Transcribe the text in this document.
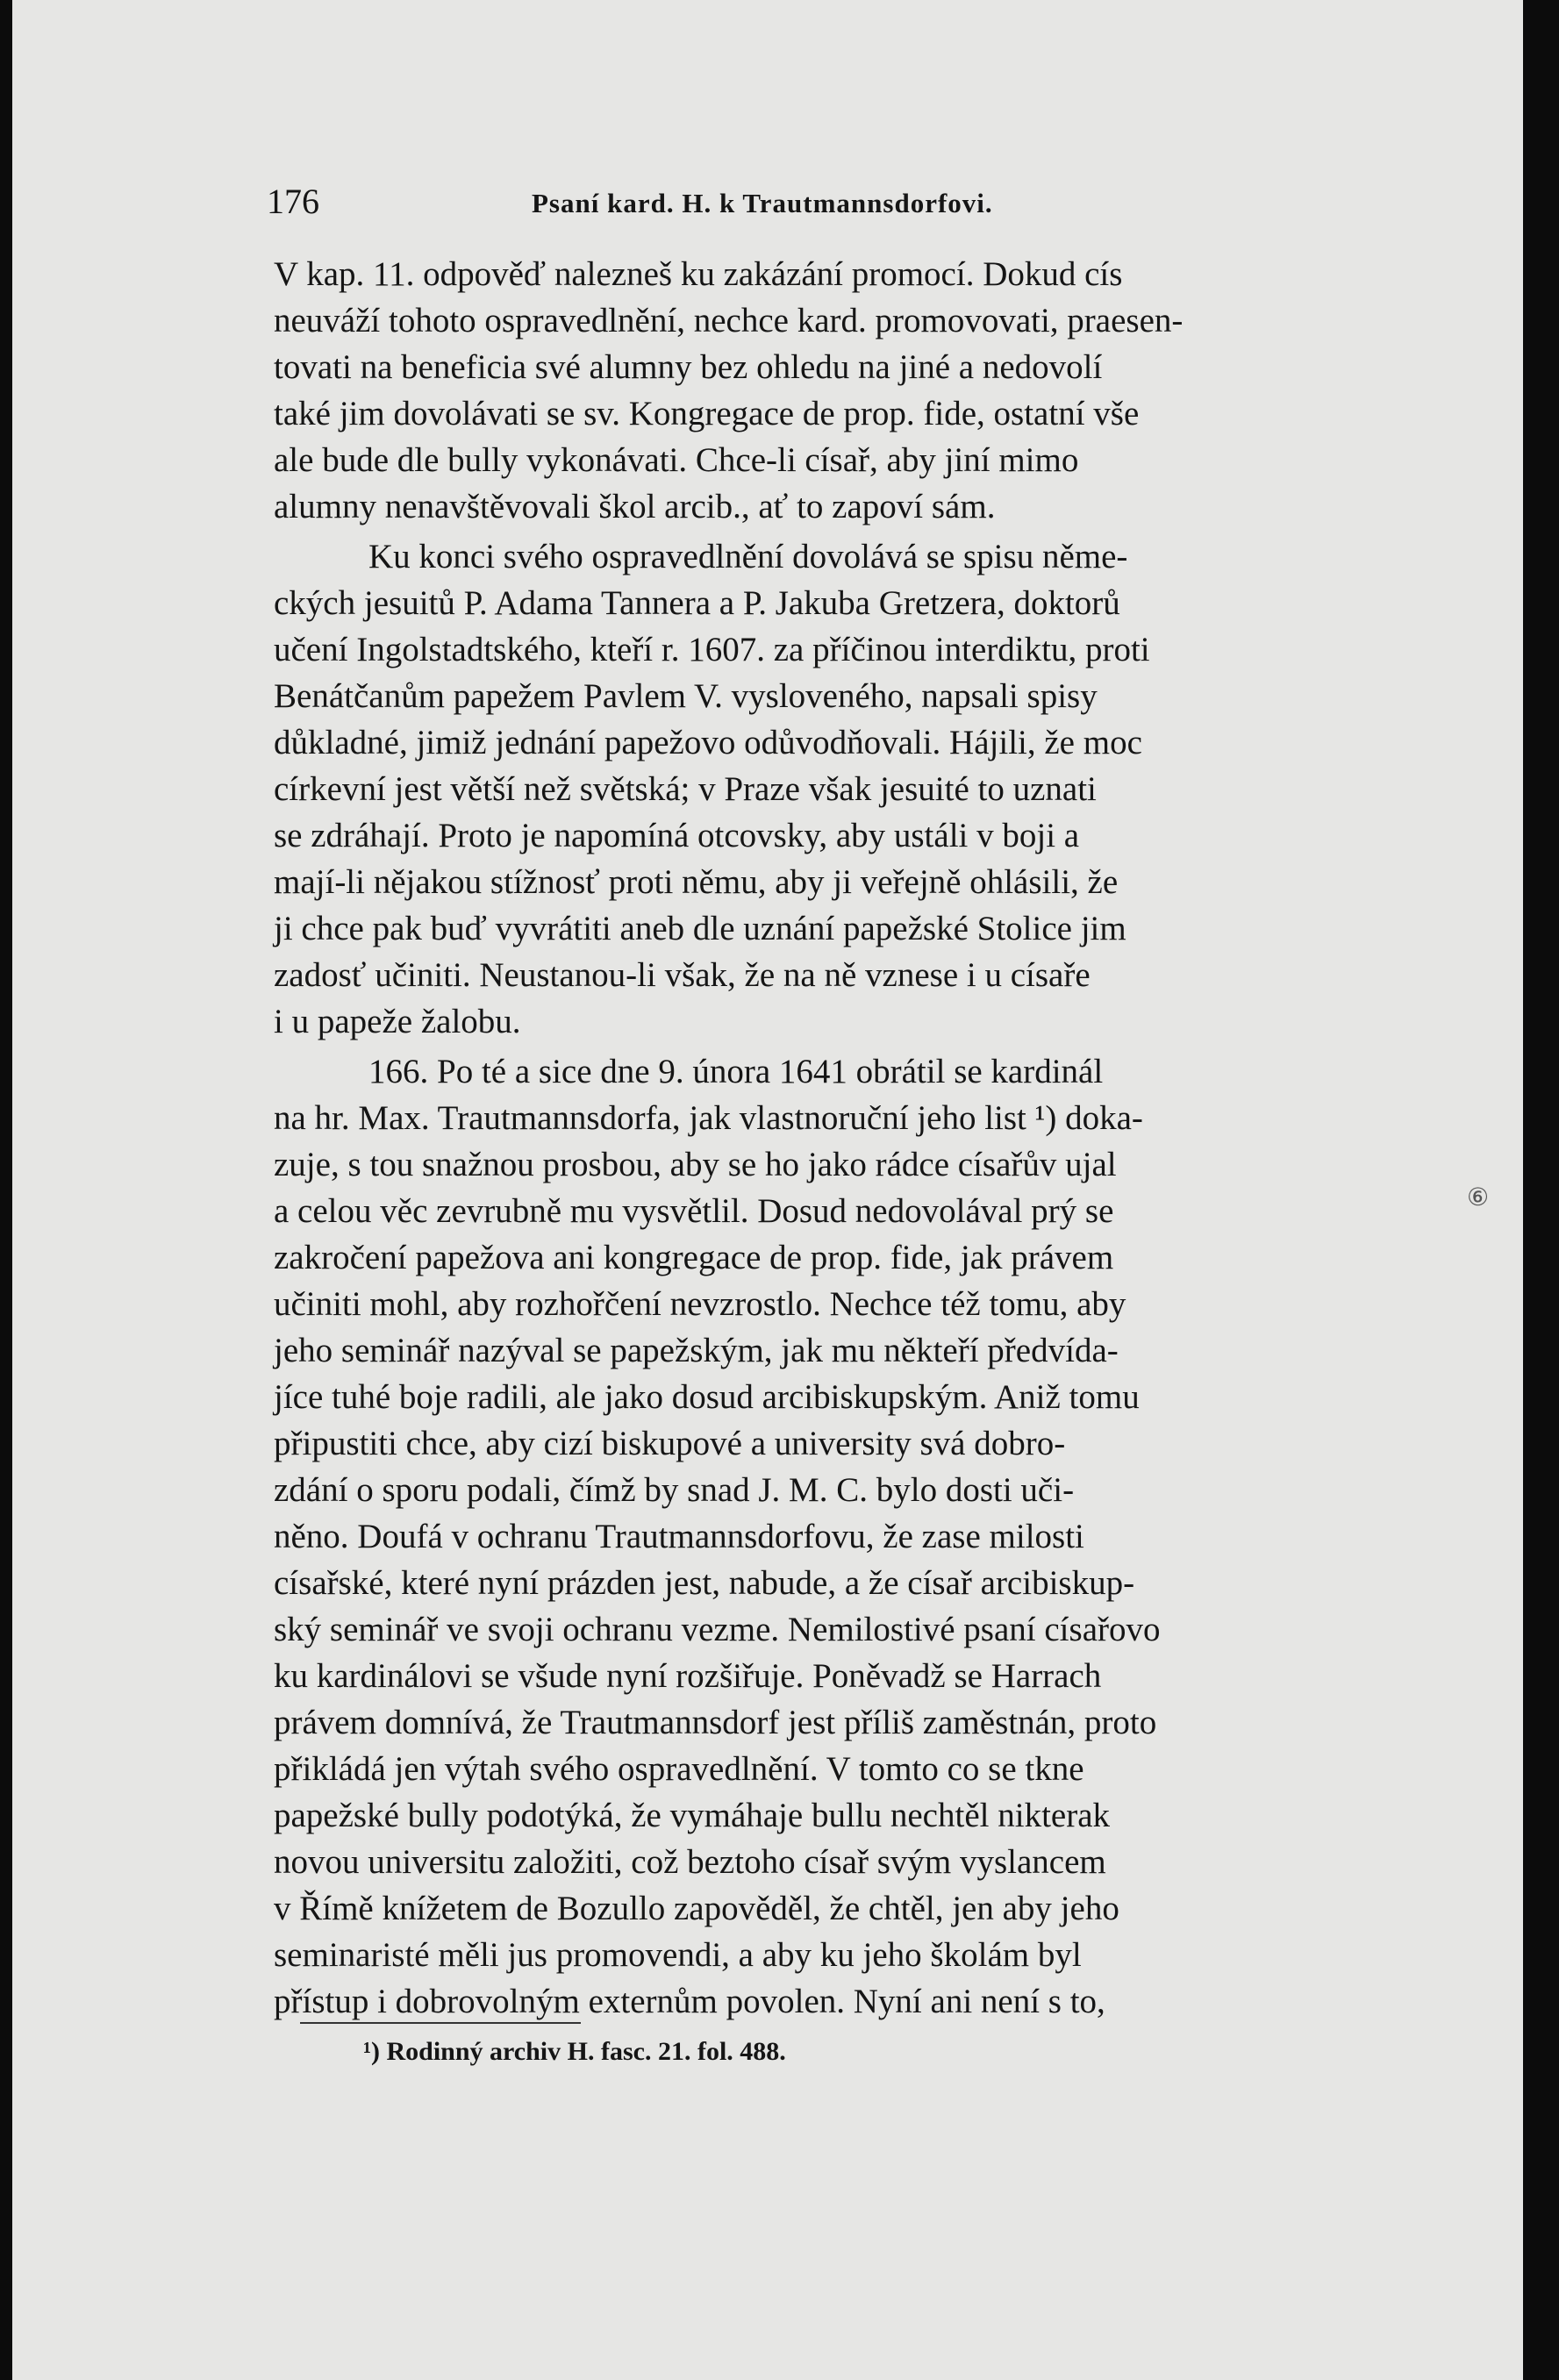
176	Psaní kard. H. k Trautmannsdorfovi.
V kap. 11. odpověď nalezneš ku zakázání promocí. Dokud cís
neuváží tohoto ospravedlnění, nechce kard. promovovati, praesen-
tovati na beneficia své alumny bez ohledu na jiné a nedovolí
také jim dovolávati se sv. Kongregace de prop. fide, ostatní vše
ale bude dle bully vykonávati. Chce-li císař, aby jiní mimo
alumny nenavštěvovali škol arcib., ať to zapoví sám.
Ku konci svého ospravedlnění dovolává se spisu něme-
ckých jesuitů P. Adama Tannera a P. Jakuba Gretzera, doktorů
učení Ingolstadtského, kteří r. 1607. za příčinou interdiktu, proti
Benátčanům papežem Pavlem V. vysloveného, napsali spisy
důkladné, jimiž jednání papežovo odůvodňovali. Hájili, že moc
církevní jest větší než světská; v Praze však jesuité to uznati
se zdráhají. Proto je napomíná otcovsky, aby ustáli v boji a
mají-li nějakou stížnosť proti němu, aby ji veřejně ohlásili, že
ji chce pak buď vyvrátiti aneb dle uznání papežské Stolice jim
zadosť učiniti. Neustanou-li však, že na ně vznese i u císaře
i u papeže žalobu.
166. Po té a sice dne 9. února 1641 obrátil se kardinál
na hr. Max. Trautmannsdorfa, jak vlastnoruční jeho list ¹) doka-
zuje, s tou snažnou prosbou, aby se ho jako rádce císařův ujal
a celou věc zevrubně mu vysvětlil. Dosud nedovolával prý se
zakročení papežova ani kongregace de prop. fide, jak právem
učiniti mohl, aby rozhořčení nevzrostlo. Nechce též tomu, aby
jeho seminář nazýval se papežským, jak mu někteří předvída-
jíce tuhé boje radili, ale jako dosud arcibiskupským. Aniž tomu
připustiti chce, aby cizí biskupové a university svá dobro-
zdání o sporu podali, čímž by snad J. M. C. bylo dosti uči-
něno. Doufá v ochranu Trautmannsdorfovu, že zase milosti
císařské, které nyní prázden jest, nabude, a že císař arcibiskup-
ský seminář ve svoji ochranu vezme. Nemilostivé psaní císařovo
ku kardinálovi se všude nyní rozšiřuje. Poněvadž se Harrach
právem domnívá, že Trautmannsdorf jest příliš zaměstnán, proto
přikládá jen výtah svého ospravedlnění. V tomto co se tkne
papežské bully podotýká, že vymáhaje bullu nechtěl nikterak
novou universitu založiti, což beztoho císař svým vyslancem
v Římě knížetem de Bozullo zapověděl, že chtěl, jen aby jeho
seminaristé měli jus promovendi, a aby ku jeho školám byl
přístup i dobrovolným externům povolen. Nyní ani není s to,
⑥
¹) Rodinný archiv H. fasc. 21. fol. 488.
